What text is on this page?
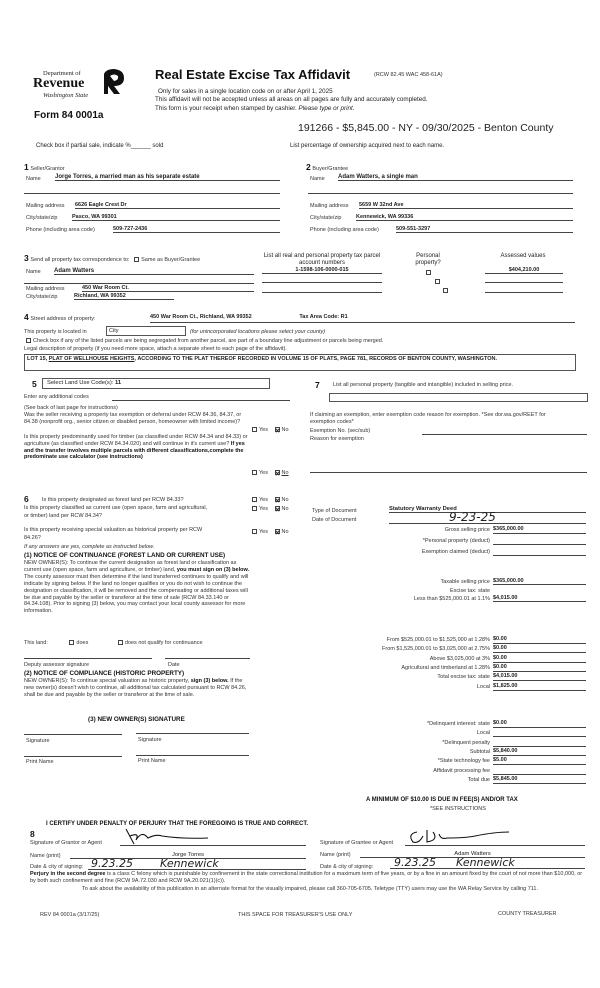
Department of
Revenue
Washington State
Form 84 0001a
Real Estate Excise Tax Affidavit	(RCW 82.45 WAC 458-61A)
Only for sales in a single location code on or after April 1, 2025
This affidavit will not be accepted unless all areas on all pages are fully and accurately completed.
This form is your receipt when stamped by cashier. Please type or print.
191266 - $5,845.00 - NY - 09/30/2025 - Benton County
Check box if partial sale, indicate %______ sold	List percentage of ownership acquired next to each name.
1 Seller/Grantor
Name Jorge Torres, a married man as his separate estate
Mailing address 6626 Eagle Crest Dr
City/state/zip	Pasco, WA 99301
Phone (including area code)	509-727-2436
2 Buyer/Grantee
Name Adam Watters, a single man
Mailing address 5659 W 32nd Ave
City/state/zip	Kennewick, WA 99336
Phone (including area code)	509-551-3297
3 Send all property tax correspondence to: Same as Buyer/Grantee
Name Adam Watters
Mailing address	450 War Room Ct.
City/state/zip	Richland, WA 99352
List all real and personal property tax parcel account numbers
1-1598-106-0000-015
Personal property?

Assessed values
$404,210.00
4 Street address of property:	450 War Room Ct., Richland, WA 99352	Tax Area Code: R1
This property is located in	City	(for unincorporated locations please select your county)
Check box if any of the listed parcels are being segregated from another parcel, are part of a boundary line adjustment or parcels being merged.
Legal description of property (if you need more space, attach a separate sheet to each page of the affidavit).
LOT 15, PLAT OF WELLHOUSE HEIGHTS, ACCORDING TO THE PLAT THEREOF RECORDED IN VOLUME 15 OF PLATS, PAGE 781, RECORDS OF BENTON COUNTY, WASHINGTON.
5	Select Land Use Code(s): 11
Enter any additional codes
(See back of last page for instructions)
Was the seller receiving a property tax exemption or deferral under RCW 84.36, 84.37, or 84.38 (nonprofit org., senior citizen or disabled person, homeowner with limited income)?
Yes No
Is this property predominantly used for timber (as classified under RCW 84.34 and 84.33) or agriculture (as classified under RCW 84.34.020) and will continue in it's current use? If yes and the transfer involves multiple parcels with different classifications,complete the predominate use calculator (see instructions)
Yes No
7 List all personal property (tangible and intangible) included in selling price.
If claiming an exemption, enter exemption code reason for exemption. *See dor.wa.gov/REET for exemption codes*
Exemption No. (sec/sub)
Reason for exemption
6 Is this property designated as forest land per RCW 84.33?	Yes No
Is this property classified as current use (open space, farm and agricultural, or timber) land per RCW 84.34?
Yes No
Is this property receiving special valuation as historical property per RCW 84.26?
Yes No
If any answers are yes, complete as instructed below.
(1) NOTICE OF CONTINUANCE (FOREST LAND OR CURRENT USE)
NEW OWNER(S): To continue the current designation as forest land or classification as current use (open space, farm and agriculture, or timber) land, you must sign on (3) below. The county assessor must then determine if the land transferred continues to qualify and will indicate by signing below. If the land no longer qualifies or you do not wish to continue the designation or classification, it will be removed and the compensating or additional taxes will be due and payable by the seller or transferor at the time of sale (RCW 84.33.140 or 84.34.108). Prior to signing (3) below, you may contact your local county assessor for more information.
This land:	does	does not qualify for continuance
Deputy assessor signature	Date
(2) NOTICE OF COMPLIANCE (HISTORIC PROPERTY)
NEW OWNER(S): To continue special valuation as historic property, sign (3) below. If the new owner(s) doesn't wish to continue, all additional tax calculated pursuant to RCW 84.26, shall be due and payable by the seller or transferor at the time of sale.
(3) NEW OWNER(S) SIGNATURE
Signature	Signature
Print Name	Print Name
Type of Document	Statutory Warranty Deed
Date of Document	9-23-25
Gross selling price $365,000.00
*Personal property (deduct)
Exemption claimed (deduct)
Taxable selling price $365,000.00
Excise tax: state
Less than $525,000.01 at 1.1% $4,015.00
From $525,000.01 to $1,525,000 at 1.28% $0.00
From $1,525,000.01 to $3,025,000 at 2.75% $0.00
Above $3,025,000 at 3% $0.00
Agricultural and timberland at 1.28% $0.00
Total excise tax: state $4,015.00
Local $1,825.00
*Delinquent interest: state $0.00
Local
*Delinquent penalty
Subtotal $5,840.00
*State technology fee $5.00
Affidavit processing fee
Total due $5,845.00
A MINIMUM OF $10.00 IS DUE IN FEE(S) AND/OR TAX
*SEE INSTRUCTIONS
I CERTIFY UNDER PENALTY OF PERJURY THAT THE FOREGOING IS TRUE AND CORRECT.
8
Signature of Grantor or Agent	Signature of Grantee or Agent
Name (print)	Jorge Torres	Name (print)	Adam Watters
Date & city of signing: 9.23.25 Kennewick	Date & city of signing: 9.23.25 Kennewick
Perjury in the second degree is a class C felony which is punishable by confinement in the state correctional institution for a maximum term of five years, or by a fine in an amount fixed by the court of not more than $10,000, or by both such confinement and fine (RCW 9A.72.030 and RCW 9A.20.021(1)(c)).
To ask about the availability of this publication in an alternate format for the visually impaired, please call 360-705-6705. Teletype (TTY) users may use the WA Relay Service by calling 711.
REV 84 0001a (3/17/25)	THIS SPACE FOR TREASURER'S USE ONLY	COUNTY TREASURER
